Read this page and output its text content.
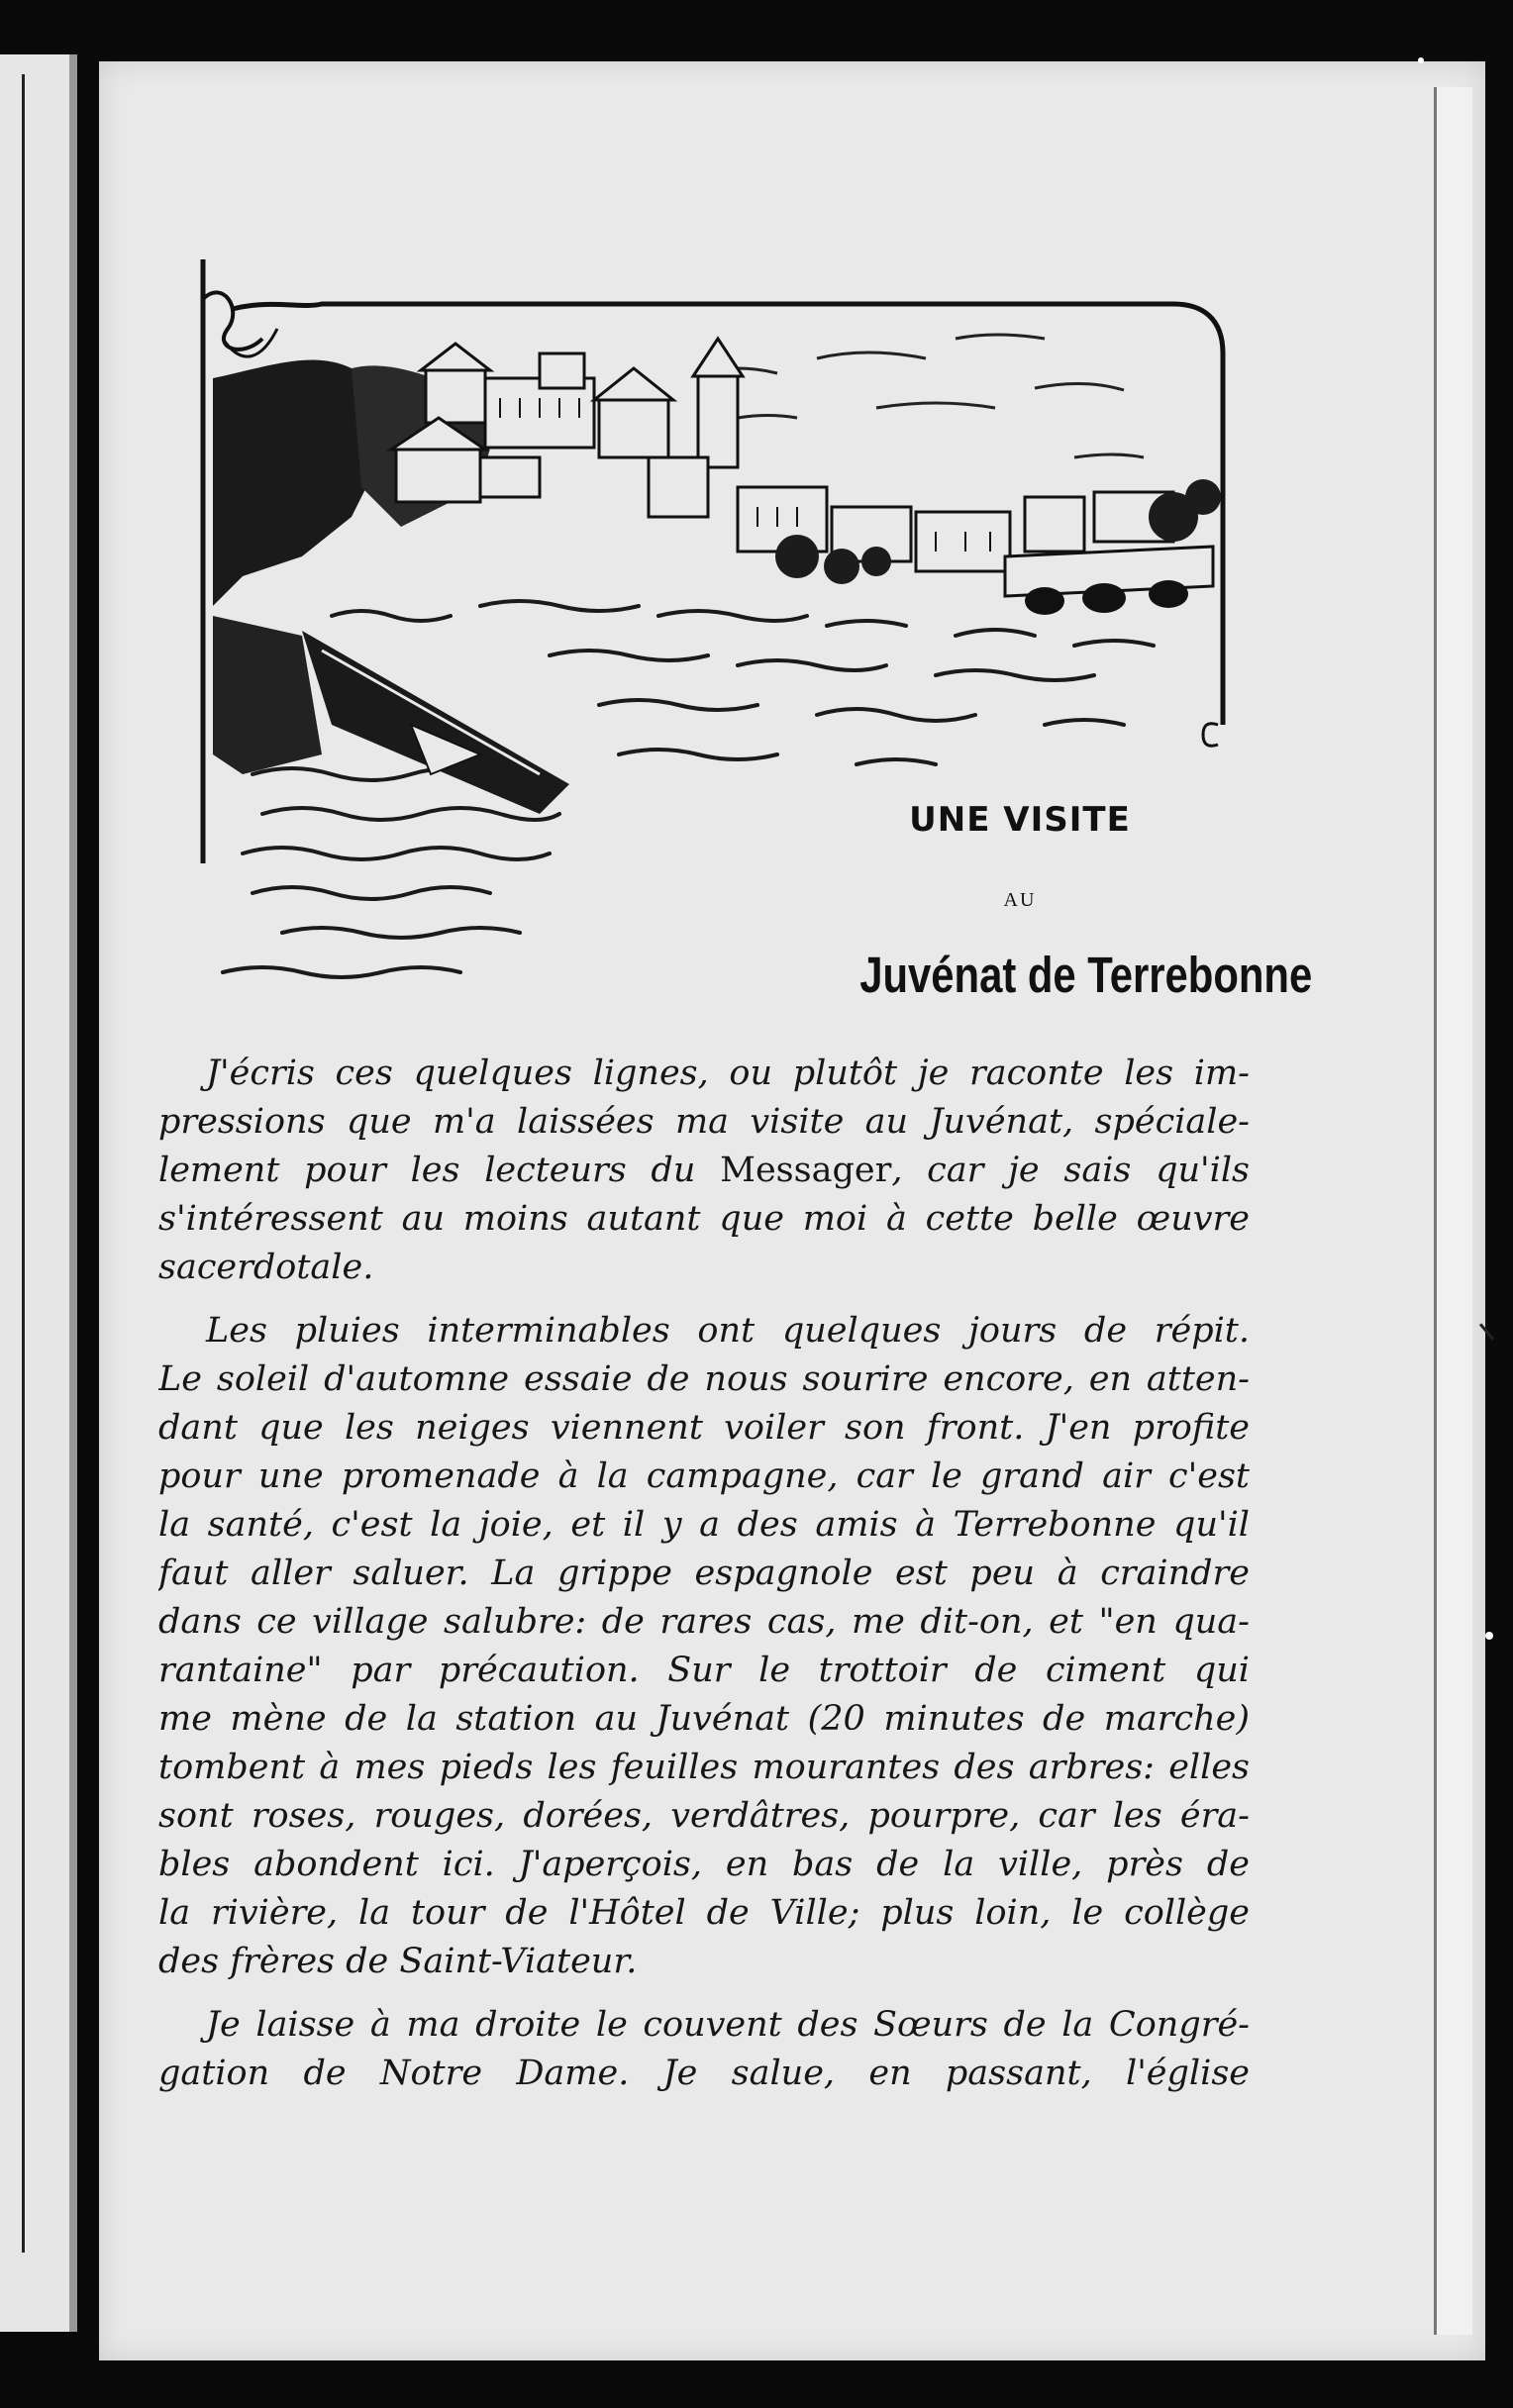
UNE VISITE
AU
Juvénat de Terrebonne
J'écris ces quelques lignes, ou plutôt je raconte les im-
pressions que m'a laissées ma visite au Juvénat, spéciale-
lement pour les lecteurs du Messager, car je sais qu'ils
s'intéressent au moins autant que moi à cette belle œuvre
sacerdotale.
Les pluies interminables ont quelques jours de répit.
Le soleil d'automne essaie de nous sourire encore, en atten-
dant que les neiges viennent voiler son front. J'en profite
pour une promenade à la campagne, car le grand air c'est
la santé, c'est la joie, et il y a des amis à Terrebonne qu'il
faut aller saluer. La grippe espagnole est peu à craindre
dans ce village salubre: de rares cas, me dit-on, et "en qua-
rantaine" par précaution. Sur le trottoir de ciment qui
me mène de la station au Juvénat (20 minutes de marche)
tombent à mes pieds les feuilles mourantes des arbres: elles
sont roses, rouges, dorées, verdâtres, pourpre, car les éra-
bles abondent ici. J'aperçois, en bas de la ville, près de
la rivière, la tour de l'Hôtel de Ville; plus loin, le collège
des frères de Saint-Viateur.
Je laisse à ma droite le couvent des Sœurs de la Congré-
gation de Notre Dame. Je salue, en passant, l'église
